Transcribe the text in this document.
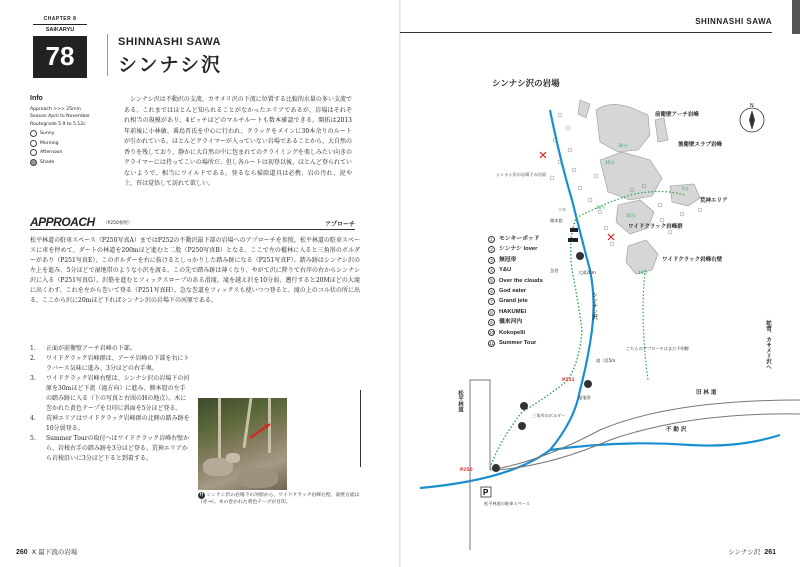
CHAPTER 8
SAIKARYU
78	SHINNASHI SAWA
シンナシ沢
Info
Approach >>> 25min
Season April to November
Routegrade 5.9 to 5.12c
Sunny
Morning
Afternoon
Shade
シンナシ沢は不動沢の支流、カサメリ沢の下流に位置する比較的水量の多い支流である。これまではほとんど知られることがなかったエリアであるが、岩場はそれぞれ相当の規模があり、4ピッチほどのマルチルートも数本確認できる。開拓は2013年前後に小林敏、番島晋氏を中心に行われ、クラックをメインに30本余りのルートが引かれている。ほとんどクライマーが入っていない岩場であることから、大自然の香りを残しており、静かに大自然の中に包まれてのクライミングを楽しみたい向きのクライマーには持ってこいの場所だ。但し各ルートは初登以後、ほとんど登られていないようで、相当にワイルドである。登るなら掃除道具は必携、岩の汚れ、泥や土、苔は覚悟して訪れて欲しい。
APPROACH （P250参照）	アプローチ
松平林道の駐車スペース（P250写真A）まではP252の不動沢最下部の岩場へのアプローチを参照。松平林道の駐車スペースに車を停めて、ダートの林道を200mほど進むと二股（P250写真B）となる。ここで左の樅林に入ると三角形のボルダーがあり（P251写真E）、このボルダーを右に抜けるとしっかりした踏み跡になる（P251写真F）。踏み跡はシンナシ沢の左上を進み、5分ほどで湿地帯のような小沢を渡る。この先で踏み跡は薄くなり、やがて沢に降りて右岸の右からシンナシ沢に入る（P251写真G）。沢筋を進むとフィックスロープのある滑滝。滝を越え沢を10分弱、遡行すると20Mほどの大滝に出くわす。これを左から巻いて登る（P251写真H）。急な巻道をフィックスも使いつつ登ると、滝の上のコル状の所に出る。ここから沢に20mほど下ればシンナシ沢の岩場下の河原である。
1.	正面が前衛壁アーチ岩峰の下部。
2.	ワイドクラック岩峰群は、アーチ岩峰の下部を右にトラバース気味に進み、3分ほどの右手奥。
3.	ワイドクラック岩峰右壁は、シンナシ沢の岩場下の河原を30mほど下流（滝方向）に進み、側本窟の左手の踏み跡に入る（下の写真と右図のHの地点）。木に巻かれた黄色テープを目印に斜面を5分ほど登る。
4.	荒神エリアはワイドクラック岩峰群の北側の踏み跡を10分弱登る。
5.	Summer Tourの取付へはワイドクラック岩峰右壁から、岩稜右手の踏み跡を3分ほど登る。荒神エリアから岩稜沿いに3分ほど下ると到着する。
H シンナシ沢の岩場下の河原から、ワイドクラック岩峰右壁、南壁方面は（赤→）。木の巻かれた黄色テープが目印。
260 X 最下流の岩場
SHINNASHI SAWA
シンナシ沢の岩場
N
P
前衛壁アーチ岩峰
後衛壁スラブ岩峰
荒神エリア
ワイドクラック岩峰群
ワイドクラック岩峰右壁
30分
35分
5分
10分
10分
35分
シンナシ沢の岩場下の河原
コル
側本窟
急登	大滝20m
滝（渓5m
こちらのアプローチはまだ不明瞭
湿地帯
三角形のボルダー
松平林道の駐車スペース
シンナシ沢
不 動 沢
旧 林 道
松平林道
蛇菅、カサメリ沢へ
P251
P250
1	モンキーボッド
2	シンナシ lover
3	無冠帝
4	Y&U
5	Over the clouds
6	God eater
7	Grand jete
8	HAKUMEI
9	儀来河内
10 Kokopelli
11 Summer Tour
シンナシ沢 261
